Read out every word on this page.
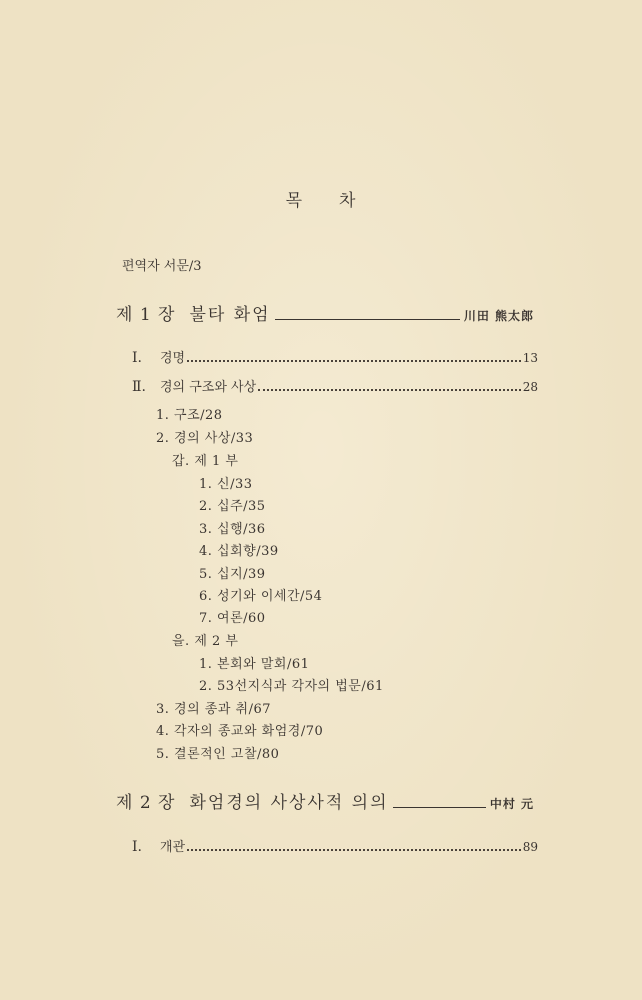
목 차
편역자 서문/3
제 1 장 불타 화엄	川田 熊太郎
Ⅰ.	경명	13
Ⅱ.	경의 구조와 사상	28
1. 구조/28
2. 경의 사상/33
갑. 제 1 부
1. 신/33
2. 십주/35
3. 십행/36
4. 십회향/39
5. 십지/39
6. 성기와 이세간/54
7. 여론/60
을. 제 2 부
1. 본회와 말회/61
2. 53선지식과 각자의 법문/61
3. 경의 종과 취/67
4. 각자의 종교와 화엄경/70
5. 결론적인 고찰/80
제 2 장 화엄경의 사상사적 의의	中村 元
Ⅰ.	개관	89
